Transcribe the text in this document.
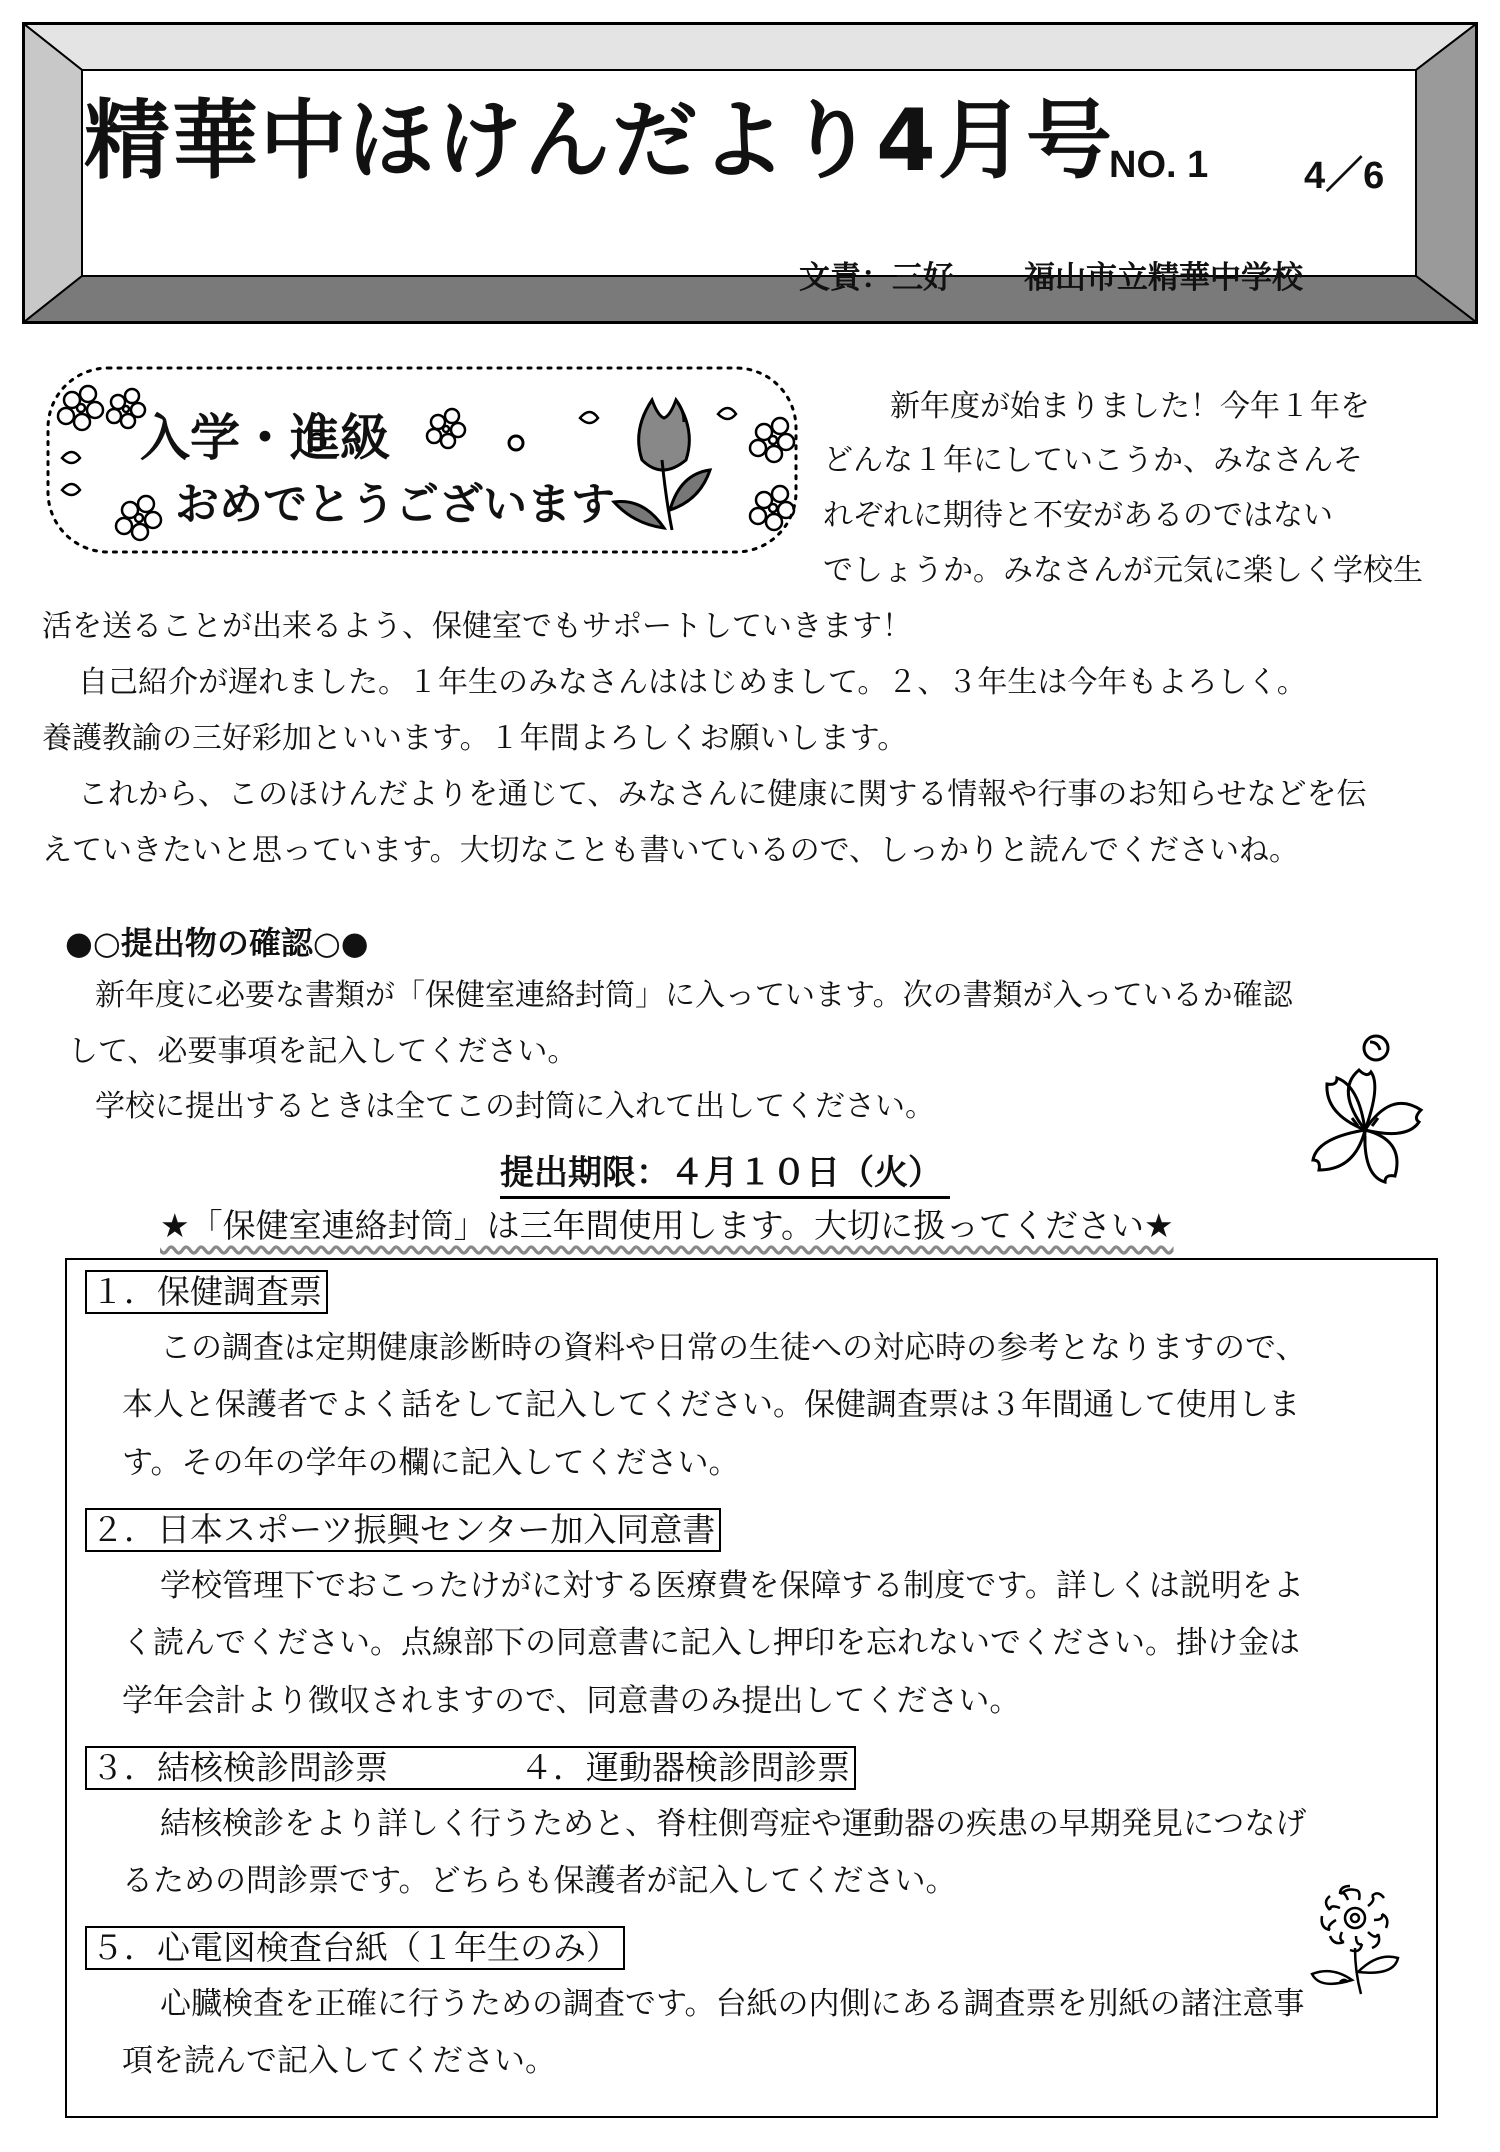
精華中ほけんだより4月号
NO. 1	4／6
文責：三好 福山市立精華中学校
入学・進級
おめでとうございます
新年度が始まりました！今年１年を
どんな１年にしていこうか、みなさんそ
れぞれに期待と不安があるのではない
でしょうか。みなさんが元気に楽しく学校生
活を送ることが出来るよう、保健室でもサポートしていきます！
自己紹介が遅れました。１年生のみなさんははじめまして。２、３年生は今年もよろしく。
養護教諭の三好彩加といいます。１年間よろしくお願いします。
これから、このほけんだよりを通じて、みなさんに健康に関する情報や行事のお知らせなどを伝
えていきたいと思っています。大切なことも書いているので、しっかりと読んでくださいね。
●○提出物の確認○●
新年度に必要な書類が「保健室連絡封筒」に入っています。次の書類が入っているか確認
して、必要事項を記入してください。
学校に提出するときは全てこの封筒に入れて出してください。
提出期限：４月１０日（火）
★「保健室連絡封筒」は三年間使用します。大切に扱ってください★
１．保健調査票
この調査は定期健康診断時の資料や日常の生徒への対応時の参考となりますので、
本人と保護者でよく話をして記入してください。保健調査票は３年間通して使用しま
す。その年の学年の欄に記入してください。
２．日本スポーツ振興センター加入同意書
学校管理下でおこったけがに対する医療費を保障する制度です。詳しくは説明をよ
く読んでください。点線部下の同意書に記入し押印を忘れないでください。掛け金は
学年会計より徴収されますので、同意書のみ提出してください。
３．結核検診問診票　　　　４．運動器検診問診票
結核検診をより詳しく行うためと、脊柱側弯症や運動器の疾患の早期発見につなげ
るための問診票です。どちらも保護者が記入してください。
５．心電図検査台紙（１年生のみ）
心臓検査を正確に行うための調査です。台紙の内側にある調査票を別紙の諸注意事
項を読んで記入してください。
